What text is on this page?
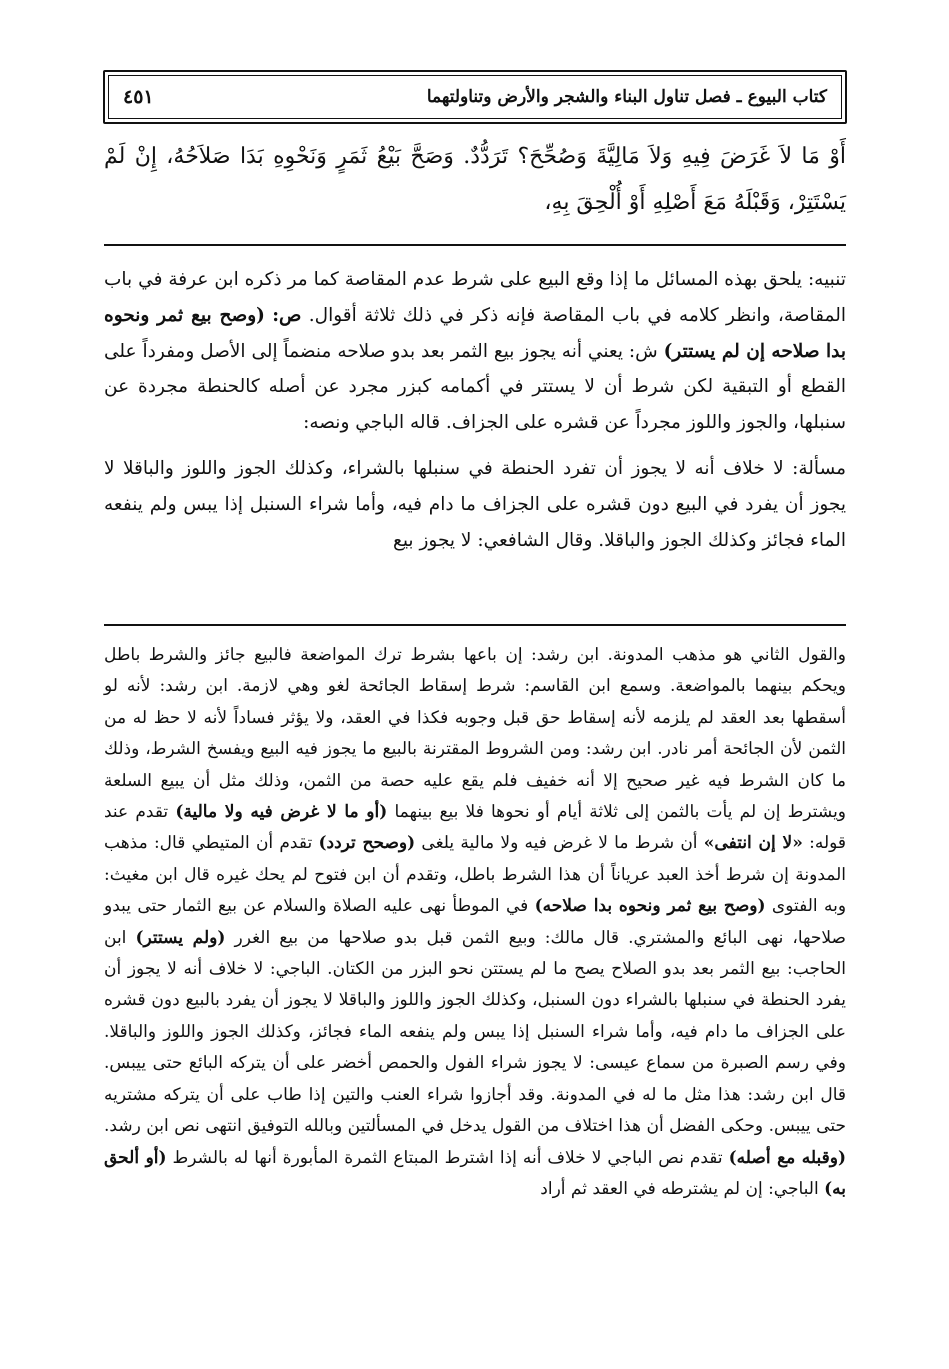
٤٥١	كتاب البيوع ـ فصل تناول البناء والشجر والأرض وتناولتهما
أَوْ مَا لاَ غَرَضَ فِيهِ وَلاَ مَالِيَّةَ وَصُحِّحَ؟ تَرَدُّدٌ. وَصَحَّ بَيْعُ ثَمَرٍ وَنَحْوِهِ بَدَا صَلاَحُهُ، إِنْ لَمْ يَسْتَتِرْ، وَقَبْلَهُ مَعَ أَصْلِهِ أَوْ أُلْحِقَ بِهِ،

تنبيه: يلحق بهذه المسائل ما إذا وقع البيع على شرط عدم المقاصة كما مر ذكره ابن عرفة في باب المقاصة، وانظر كلامه في باب المقاصة فإنه ذكر في ذلك ثلاثة أقوال. ص: (وصح بيع ثمر ونحوه بدا صلاحه إن لم يستتر) ش: يعني أنه يجوز بيع الثمر بعد بدو صلاحه منضماً إلى الأصل ومفرداً على القطع أو التبقية لكن شرط أن لا يستتر في أكمامه كبزر مجرد عن أصله كالحنطة مجردة عن سنبلها، والجوز واللوز مجرداً عن قشره على الجزاف. قاله الباجي ونصه:

مسألة: لا خلاف أنه لا يجوز أن تفرد الحنطة في سنبلها بالشراء، وكذلك الجوز واللوز والباقلا لا يجوز أن يفرد في البيع دون قشره على الجزاف ما دام فيه، وأما شراء السنبل إذا يبس ولم ينفعه الماء فجائز وكذلك الجوز والباقلا. وقال الشافعي: لا يجوز بيع

والقول الثاني هو مذهب المدونة. ابن رشد: إن باعها بشرط ترك المواضعة فالبيع جائز والشرط باطل ويحكم بينهما بالمواضعة. وسمع ابن القاسم: شرط إسقاط الجائحة لغو وهي لازمة. ابن رشد: لأنه لو أسقطها بعد العقد لم يلزمه لأنه إسقاط حق قبل وجوبه فكذا في العقد، ولا يؤثر فساداً لأنه لا حظ له من الثمن لأن الجائحة أمر نادر. ابن رشد: ومن الشروط المقترنة بالبيع ما يجوز فيه البيع ويفسخ الشرط، وذلك ما كان الشرط فيه غير صحيح إلا أنه خفيف فلم يقع عليه حصة من الثمن، وذلك مثل أن يبيع السلعة ويشترط إن لم يأت بالثمن إلى ثلاثة أيام أو نحوها فلا بيع بينهما (أو ما لا غرض فيه ولا مالية) تقدم عند قوله: «لا إن انتفى» أن شرط ما لا غرض فيه ولا مالية يلغى (وصحح تردد) تقدم أن المتيطي قال: مذهب المدونة إن شرط أخذ العبد عرياناً أن هذا الشرط باطل، وتقدم أن ابن فتوح لم يحك غيره قال ابن مغيث: وبه الفتوى (وصح بيع ثمر ونحوه بدا صلاحه) في الموطأ نهى عليه الصلاة والسلام عن بيع الثمار حتى يبدو صلاحها، نهى البائع والمشتري. قال مالك: وبيع الثمن قبل بدو صلاحها من بيع الغرر (ولم يستتر) ابن الحاجب: بيع الثمر بعد بدو الصلاح يصح ما لم يستتن نحو البزر من الكتان. الباجي: لا خلاف أنه لا يجوز أن يفرد الحنطة في سنبلها بالشراء دون السنبل، وكذلك الجوز واللوز والباقلا لا يجوز أن يفرد بالبيع دون قشره على الجزاف ما دام فيه، وأما شراء السنبل إذا يبس ولم ينفعه الماء فجائز، وكذلك الجوز واللوز والباقلا. وفي رسم الصبرة من سماع عيسى: لا يجوز شراء الفول والحمص أخضر على أن يتركه البائع حتى ييبس. قال ابن رشد: هذا مثل ما له في المدونة. وقد أجازوا شراء العنب والتين إذا طاب على أن يتركه مشتريه حتى ييبس. وحكى الفضل أن هذا اختلاف من القول يدخل في المسألتين وبالله التوفيق انتهى نص ابن رشد. (وقبله مع أصله) تقدم نص الباجي لا خلاف أنه إذا اشترط المبتاع الثمرة المأبورة أنها له بالشرط (أو ألحق به) الباجي: إن لم يشترطه في العقد ثم أراد
